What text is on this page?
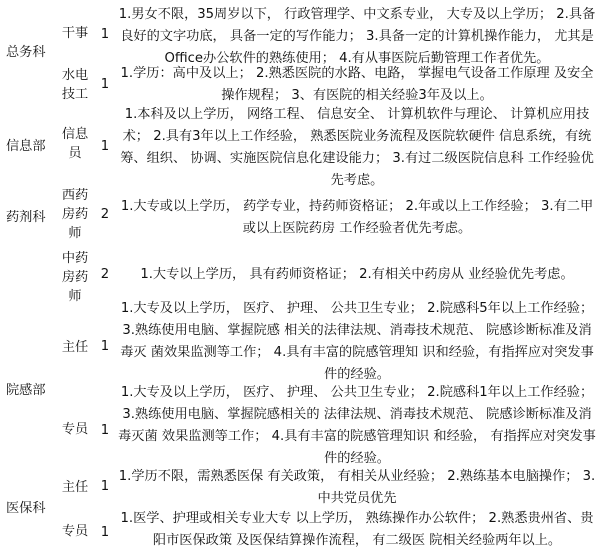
总务科
干事 1
1.男女不限，35周岁以下， 行政管理学、中文系专业， 大专及以上学历； 2.具备良好的文字功底， 具备一定的写作能力； 3.具备一定的计算机操作能力， 尤其是Office办公软件的熟练使用； 4.有从事医院后勤管理工作者优先。
水电技工
1
1.学历：高中及以上； 2.熟悉医院的水路、电路， 掌握电气设备工作原理 及安全操作规程； 3、有医院的相关经验3年及以上。
信息部
信息员	1
1.本科及以上学历， 网络工程、 信息安全、 计算机软件与理论、 计算机应用技术； 2.具有3年以上工作经验， 熟悉医院业务流程及医院软硬件 信息系统，有统筹、组织、 协调、实施医院信息化建设能力； 3.有过二级医院信息科 工作经验优先考虑。
药剂科
西药房药师
2
1.大专或以上学历， 药学专业，持药师资格证； 2.年或以上工作经验； 3.有二甲或以上医院药房 工作经验者优先考虑。
中药房药师
2	1.大专以上学历， 具有药师资格证； 2.有相关中药房从 业经验优先考虑。
院感部
主任 1
1.大专及以上学历， 医疗、 护理、 公共卫生专业； 2.院感科5年以上工作经验； 3.熟练使用电脑、掌握院感 相关的法律法规、消毒技术规范、 院感诊断标准及消毒灭 菌效果监测等工作； 4.具有丰富的院感管理知 识和经验，有指挥应对突发事件的经验。
专员 1
1.大专及以上学历， 医疗、 护理、 公共卫生专业； 2.院感科1年以上工作经验； 3.熟练使用电脑、掌握院感相关的 法律法规、消毒技术规范、 院感诊断标准及消毒灭菌 效果监测等工作； 4.具有丰富的院感管理知识 和经验， 有指挥应对突发事件的经验。
医保科
主任 1
1.学历不限，需熟悉医保 有关政策， 有相关从业经验； 2.熟练基本电脑操作； 3.中共党员优先
专员 1
1.医学、护理或相关专业大专 以上学历， 熟练操作办公软件； 2.熟悉贵州省、贵阳市医保政策 及医保结算操作流程， 有二级医 院相关经验两年以上。
